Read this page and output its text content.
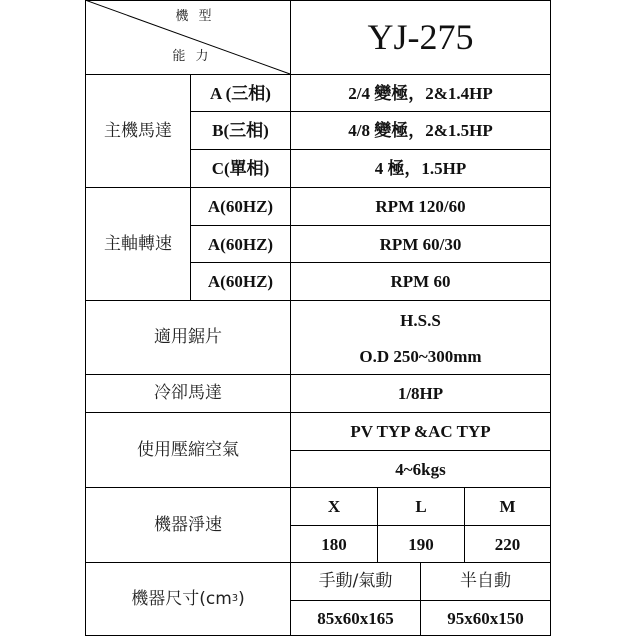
機 型
能 力	YJ-275
主機馬達
A (三相)	2/4 變極，2&1.4HP
B(三相)	4/8 變極，2&1.5HP
C(單相)	4 極，1.5HP
主軸轉速
A(60HZ)	RPM 120/60
A(60HZ)	RPM 60/30
A(60HZ)	RPM 60
適用鋸片
H.S.S
O.D 250~300mm
冷卻馬達	1/8HP
使用壓縮空氣
PV TYP &AC TYP
4~6kgs
機器淨速
X	L	M
180	190	220
機器尺寸(cm 3 )
手動/氣動	半自動
85x60x165	95x60x150
